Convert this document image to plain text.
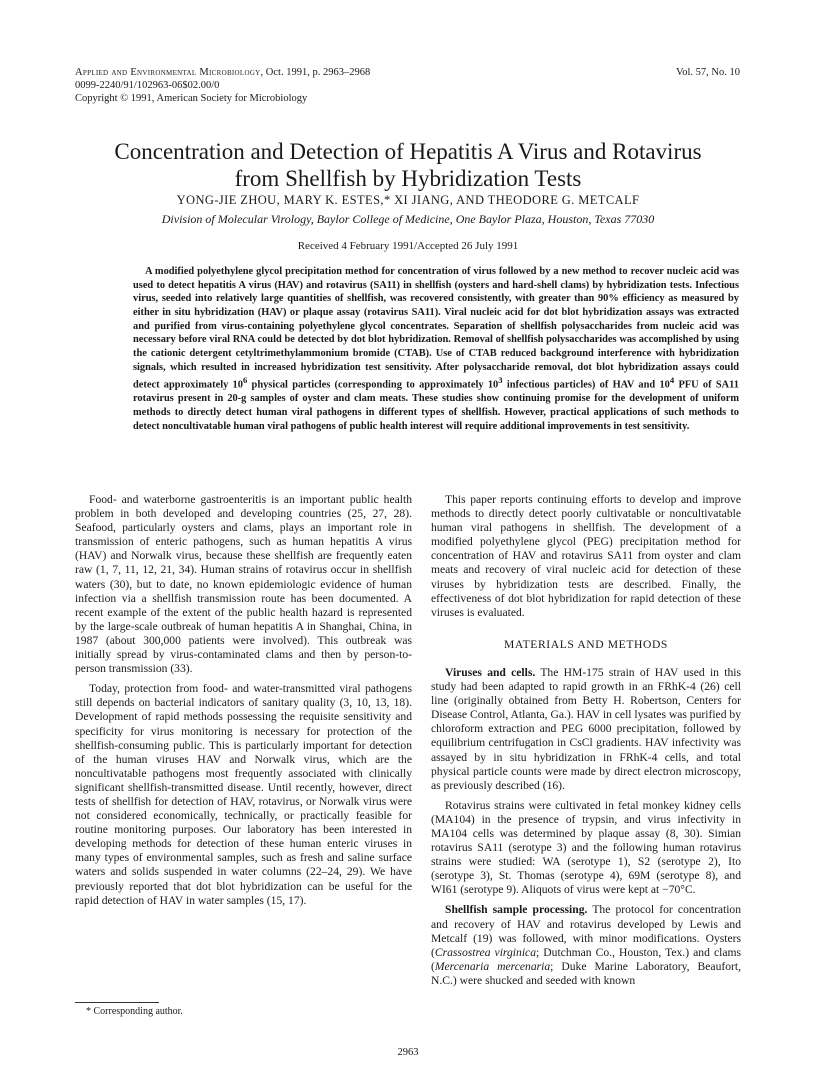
Applied and Environmental Microbiology, Oct. 1991, p. 2963–2968	Vol. 57, No. 10
0099-2240/91/102963-06$02.00/0
Copyright © 1991, American Society for Microbiology
Concentration and Detection of Hepatitis A Virus and Rotavirus
from Shellfish by Hybridization Tests
YONG-JIE ZHOU, MARY K. ESTES,* XI JIANG, AND THEODORE G. METCALF
Division of Molecular Virology, Baylor College of Medicine, One Baylor Plaza, Houston, Texas 77030
Received 4 February 1991/Accepted 26 July 1991
A modified polyethylene glycol precipitation method for concentration of virus followed by a new method to recover nucleic acid was used to detect hepatitis A virus (HAV) and rotavirus (SA11) in shellfish (oysters and hard-shell clams) by hybridization tests. Infectious virus, seeded into relatively large quantities of shellfish, was recovered consistently, with greater than 90% efficiency as measured by either in situ hybridization (HAV) or plaque assay (rotavirus SA11). Viral nucleic acid for dot blot hybridization assays was extracted and purified from virus-containing polyethylene glycol concentrates. Separation of shellfish polysaccharides from nucleic acid was necessary before viral RNA could be detected by dot blot hybridization. Removal of shellfish polysaccharides was accomplished by using the cationic detergent cetyltrimethylammonium bromide (CTAB). Use of CTAB reduced background interference with hybridization signals, which resulted in increased hybridization test sensitivity. After polysaccharide removal, dot blot hybridization assays could detect approximately $10^6$ physical particles (corresponding to approximately $10^3$ infectious particles) of HAV and $10^4$ PFU of SA11 rotavirus present in 20-g samples of oyster and clam meats. These studies show continuing promise for the development of uniform methods to directly detect human viral pathogens in different types of shellfish. However, practical applications of such methods to detect noncultivatable human viral pathogens of public health interest will require additional improvements in test sensitivity.

Food- and waterborne gastroenteritis is an important public health problem in both developed and developing countries (25, 27, 28). Seafood, particularly oysters and clams, plays an important role in transmission of enteric pathogens, such as human hepatitis A virus (HAV) and Norwalk virus, because these shellfish are frequently eaten raw (1, 7, 11, 12, 21, 34). Human strains of rotavirus occur in shellfish waters (30), but to date, no known epidemiologic evidence of human infection via a shellfish transmission route has been documented. A recent example of the extent of the public health hazard is represented by the large-scale outbreak of human hepatitis A in Shanghai, China, in 1987 (about 300,000 patients were involved). This outbreak was initially spread by virus-contaminated clams and then by person-to-person transmission (33).

Today, protection from food- and water-transmitted viral pathogens still depends on bacterial indicators of sanitary quality (3, 10, 13, 18). Development of rapid methods possessing the requisite sensitivity and specificity for virus monitoring is necessary for protection of the shellfish-consuming public. This is particularly important for detection of the human viruses HAV and Norwalk virus, which are the noncultivatable pathogens most frequently associated with clinically significant shellfish-transmitted disease. Until recently, however, direct tests of shellfish for detection of HAV, rotavirus, or Norwalk virus were not considered economically, technically, or practically feasible for routine monitoring purposes. Our laboratory has been interested in developing methods for detection of these human enteric viruses in many types of environmental samples, such as fresh and saline surface waters and solids suspended in water columns (22–24, 29). We have previously reported that dot blot hybridization can be useful for the rapid detection of HAV in water samples (15, 17).

This paper reports continuing efforts to develop and improve methods to directly detect poorly cultivatable or noncultivatable human viral pathogens in shellfish. The development of a modified polyethylene glycol (PEG) precipitation method for concentration of HAV and rotavirus SA11 from oyster and clam meats and recovery of viral nucleic acid for detection of these viruses by hybridization tests are described. Finally, the effectiveness of dot blot hybridization for rapid detection of these viruses is evaluated.

MATERIALS AND METHODS

Viruses and cells. The HM-175 strain of HAV used in this study had been adapted to rapid growth in an FRhK-4 (26) cell line (originally obtained from Betty H. Robertson, Centers for Disease Control, Atlanta, Ga.). HAV in cell lysates was purified by chloroform extraction and PEG 6000 precipitation, followed by equilibrium centrifugation in CsCl gradients. HAV infectivity was assayed by in situ hybridization in FRhK-4 cells, and total physical particle counts were made by direct electron microscopy, as previously described (16).

Rotavirus strains were cultivated in fetal monkey kidney cells (MA104) in the presence of trypsin, and virus infectivity in MA104 cells was determined by plaque assay (8, 30). Simian rotavirus SA11 (serotype 3) and the following human rotavirus strains were studied: WA (serotype 1), S2 (serotype 2), Ito (serotype 3), St. Thomas (serotype 4), 69M (serotype 8), and WI61 (serotype 9). Aliquots of virus were kept at −70°C.

Shellfish sample processing. The protocol for concentration and recovery of HAV and rotavirus developed by Lewis and Metcalf (19) was followed, with minor modifications. Oysters (Crassostrea virginica; Dutchman Co., Houston, Tex.) and clams (Mercenaria mercenaria; Duke Marine Laboratory, Beaufort, N.C.) were shucked and seeded with known

* Corresponding author.
2963
